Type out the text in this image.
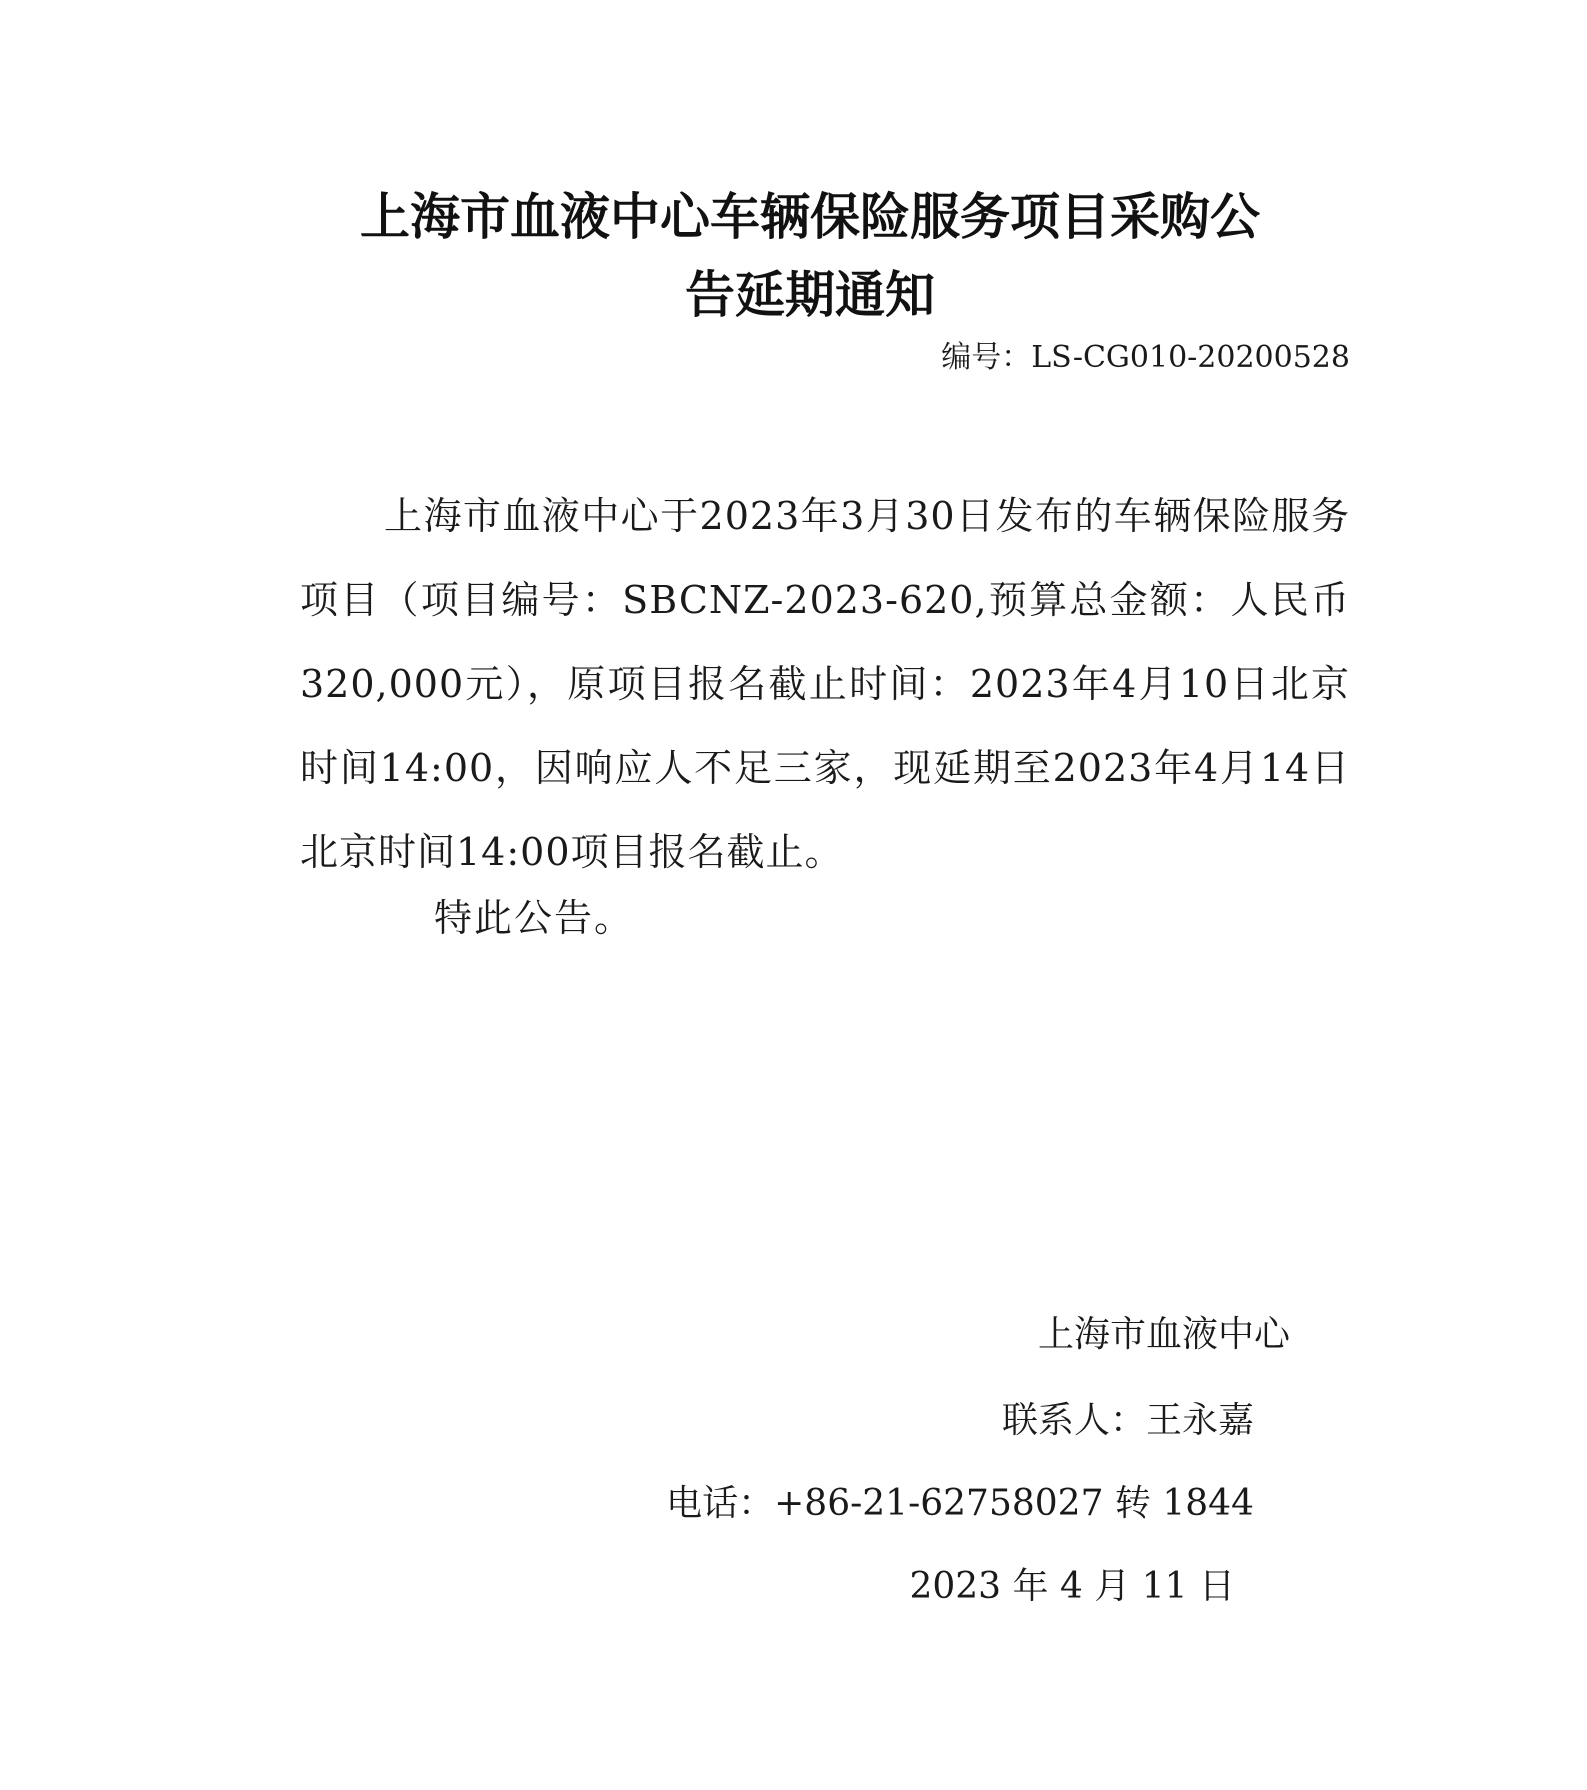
上海市血液中心车辆保险服务项目采购公
告延期通知
编号：LS-CG010-20200528

上海市血液中心于2023年3月30日发布的车辆保险服务项目（项目编号：SBCNZ-2023-620,预算总金额：人民币320,000元），原项目报名截止时间：2023年4月10日北京时间14:00，因响应人不足三家，现延期至2023年4月14日北京时间14:00项目报名截止。

特此公告。
上海市血液中心
联系人：王永嘉
电话：+86-21-62758027 转 1844
2023 年 4 月 11 日
